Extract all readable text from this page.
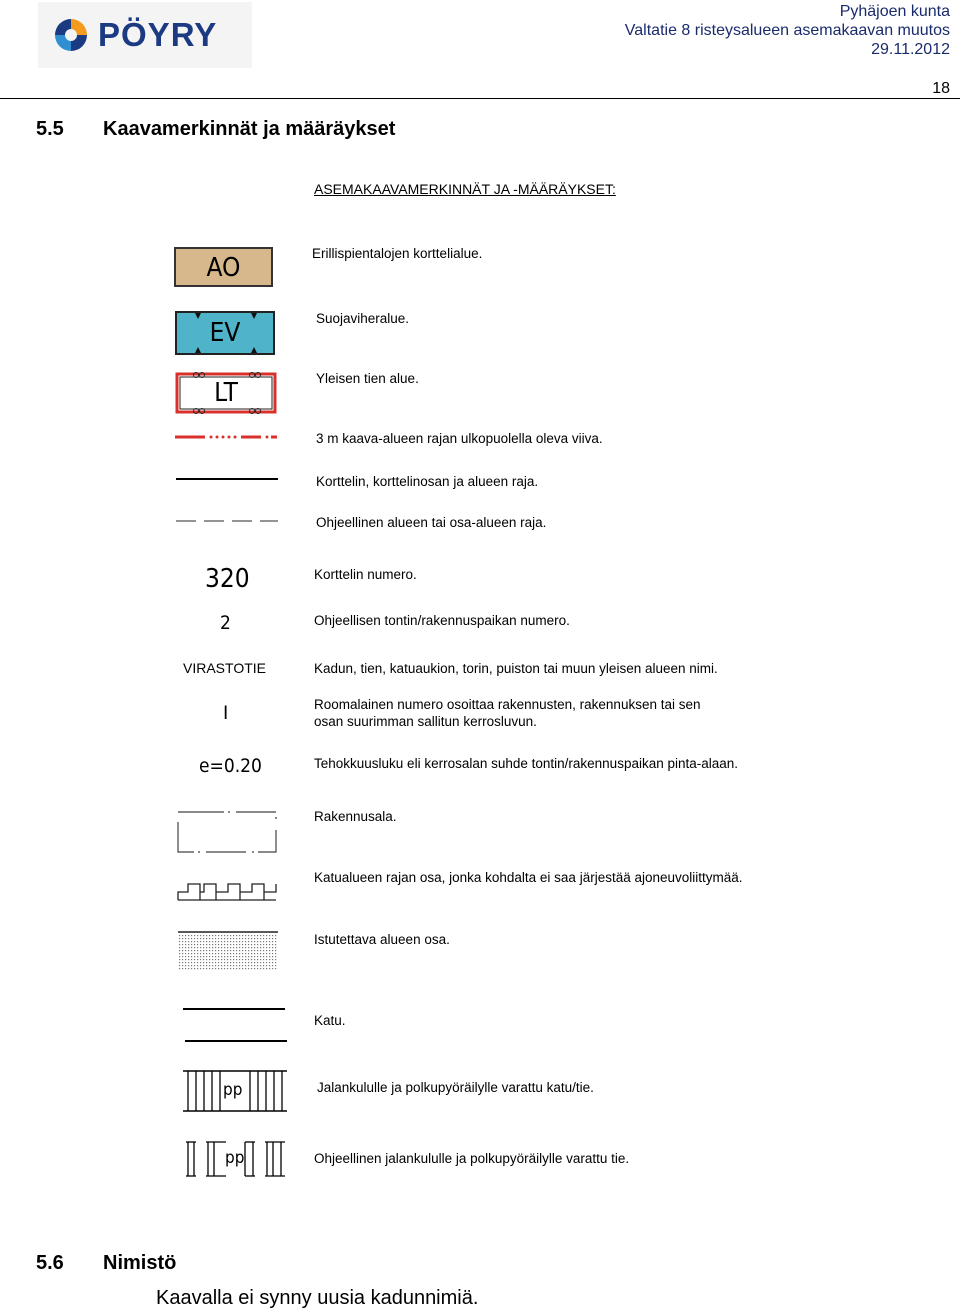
PÖYRY
Pyhäjoen kunta
Valtatie 8 risteysalueen asemakaavan muutos
29.11.2012
18
5.5 Kaavamerkinnät ja määräykset
ASEMAKAAVAMERKINNÄT JA -MÄÄRÄYKSET:
AO	Erillispientalojen korttelialue.
EV	Suojaviheralue.
LT	Yleisen tien alue.
3 m kaava-alueen rajan ulkopuolella oleva viiva.
Korttelin, korttelinosan ja alueen raja.
Ohjeellinen alueen tai osa-alueen raja.
320	Korttelin numero.
2	Ohjeellisen tontin/rakennuspaikan numero.
VIRASTOTIE	Kadun, tien, katuaukion, torin, puiston tai muun yleisen alueen nimi.
I	Roomalainen numero osoittaa rakennusten, rakennuksen tai sen
osan suurimman sallitun kerrosluvun.
e=0.20	Tehokkuusluku eli kerrosalan suhde tontin/rakennuspaikan pinta-alaan.
Rakennusala.
Katualueen rajan osa, jonka kohdalta ei saa järjestää ajoneuvoliittymää.
Istutettava alueen osa.
Katu.
pp	Jalankululle ja polkupyöräilylle varattu katu/tie.
pp	Ohjeellinen jalankululle ja polkupyöräilylle varattu tie.
5.6 Nimistö
Kaavalla ei synny uusia kadunnimiä.
